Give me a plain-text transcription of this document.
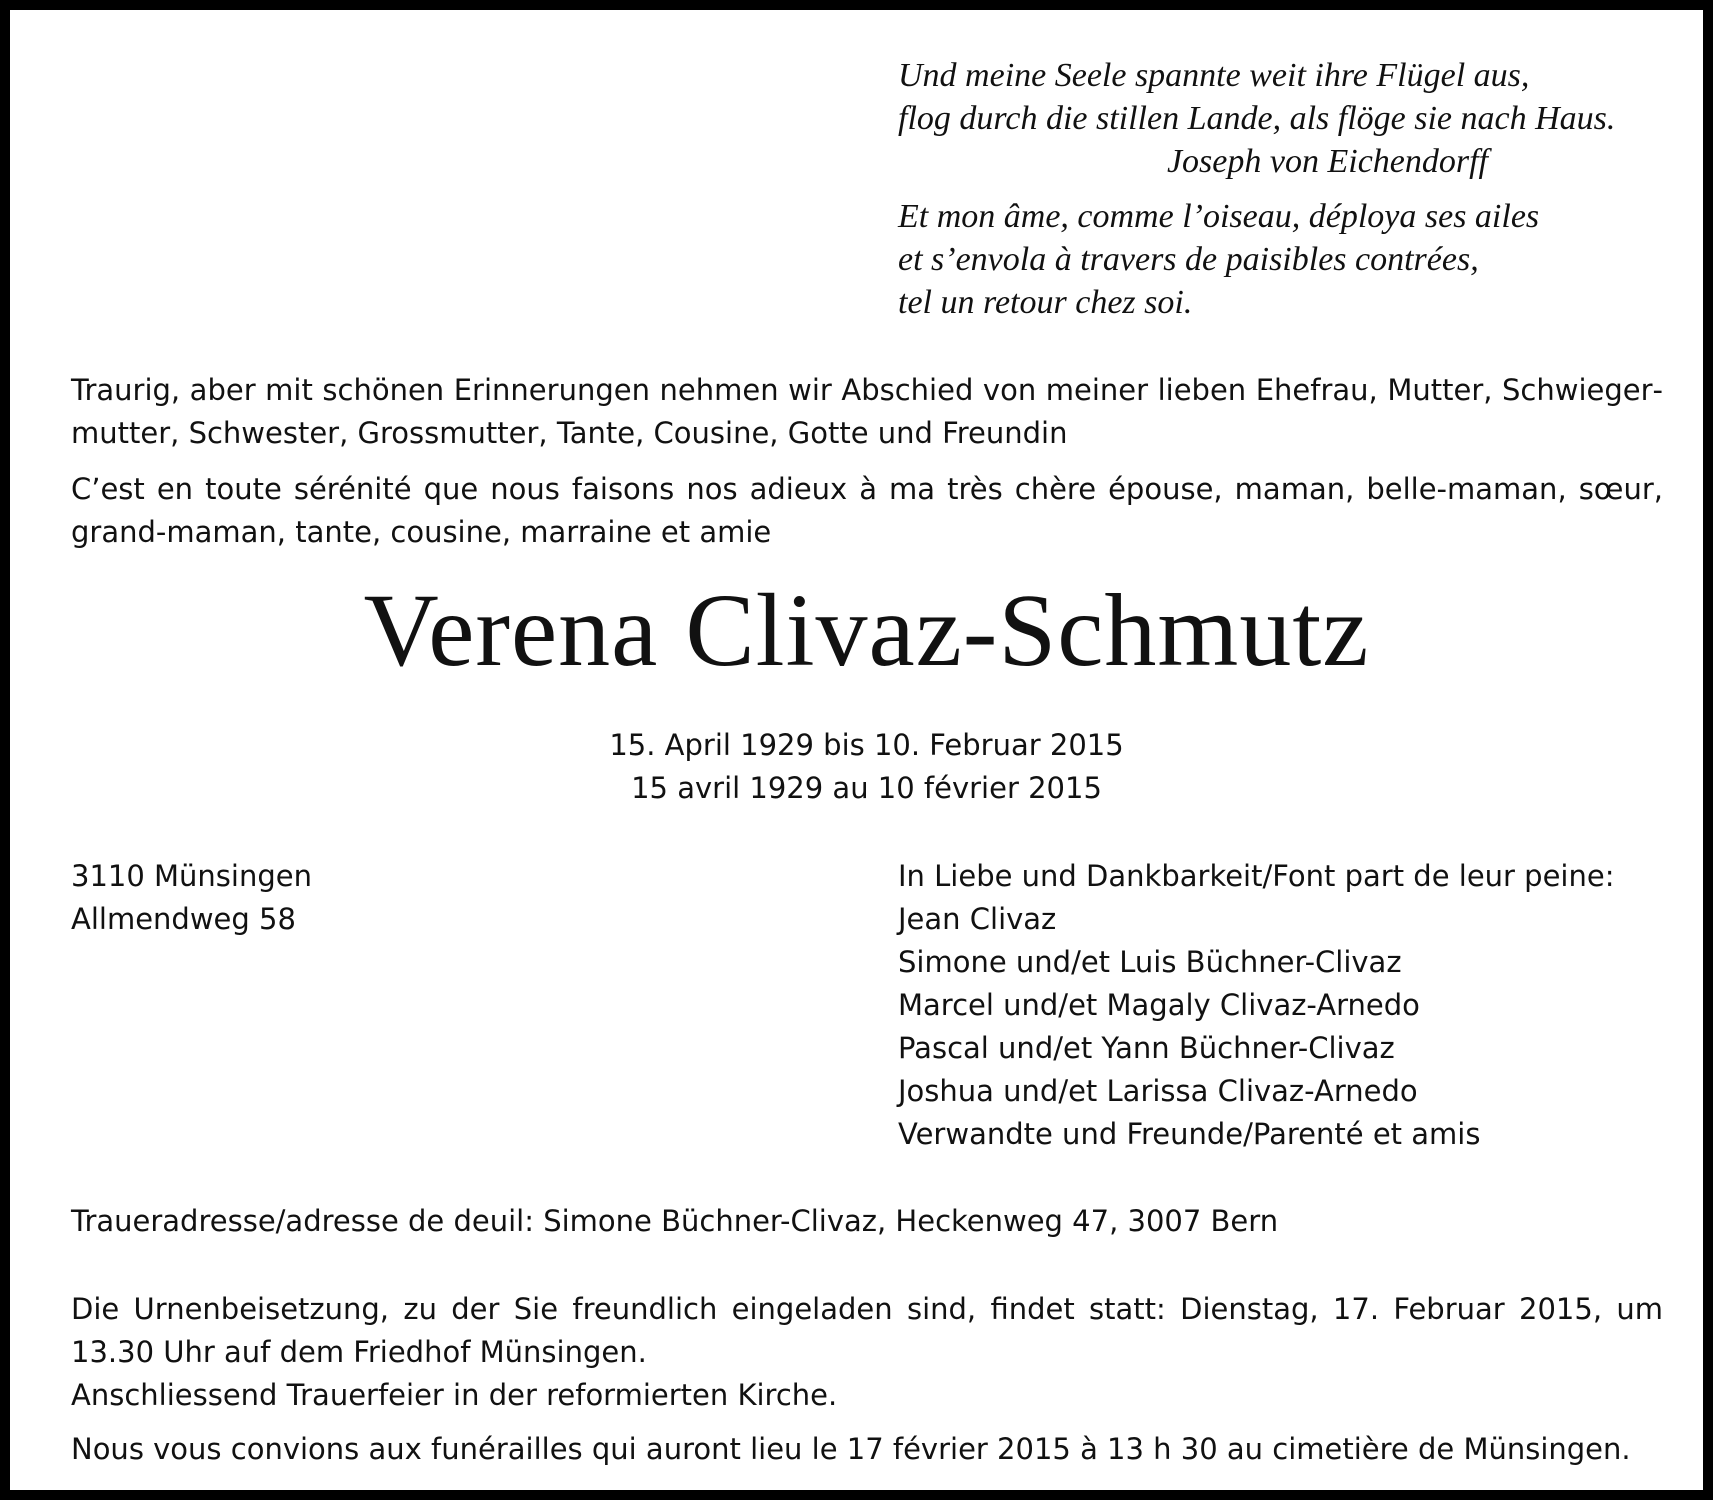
Und meine Seele spannte weit ihre Flügel aus,
flog durch die stillen Lande, als flöge sie nach Haus.
Joseph von Eichendorff
Et mon âme, comme l’oiseau, déploya ses ailes
et s’envola à travers de paisibles contrées,
tel un retour chez soi.
Traurig, aber mit schönen Erinnerungen nehmen wir Abschied von meiner lieben Ehefrau, Mutter, Schwiegermutter, Schwester, Grossmutter, Tante, Cousine, Gotte und Freundin
C’est en toute sérénité que nous faisons nos adieux à ma très chère épouse, maman, belle-maman, sœur, grand-maman, tante, cousine, marraine et amie
Verena Clivaz-Schmutz
15. April 1929 bis 10. Februar 2015
15 avril 1929 au 10 février 2015
3110 Münsingen
Allmendweg 58
In Liebe und Dankbarkeit/Font part de leur peine:
Jean Clivaz
Simone und/et Luis Büchner-Clivaz
Marcel und/et Magaly Clivaz-Arnedo
Pascal und/et Yann Büchner-Clivaz
Joshua und/et Larissa Clivaz-Arnedo
Verwandte und Freunde/Parenté et amis
Traueradresse/adresse de deuil: Simone Büchner-Clivaz, Heckenweg 47, 3007 Bern
Die Urnenbeisetzung, zu der Sie freundlich eingeladen sind, findet statt: Dienstag, 17. Februar 2015, um 13.30 Uhr auf dem Friedhof Münsingen.
Anschliessend Trauerfeier in der reformierten Kirche.
Nous vous convions aux funérailles qui auront lieu le 17 février 2015 à 13 h 30 au cimetière de Münsingen.
